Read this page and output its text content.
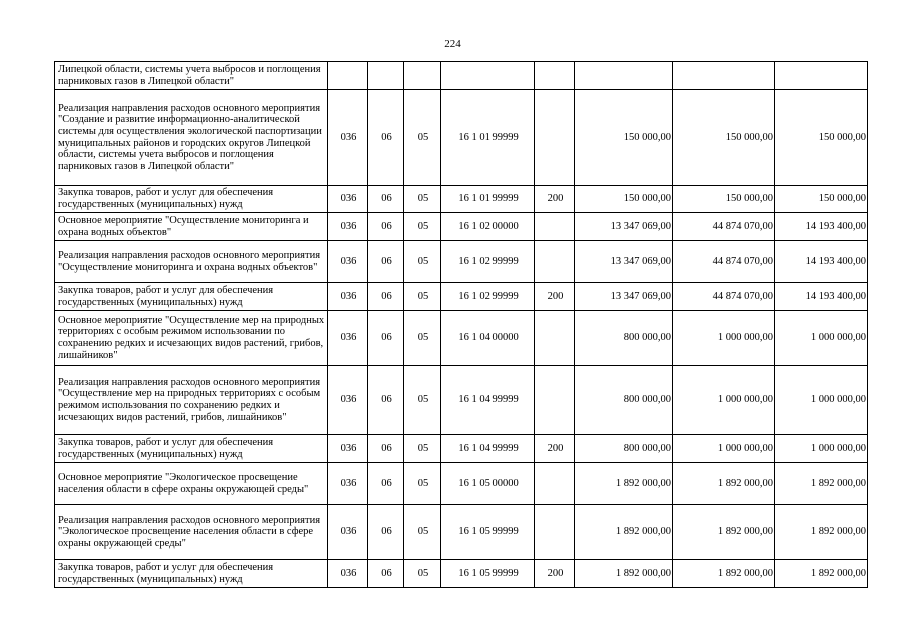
224
Липецкой области, системы учета выбросов и поглощения парниковых газов в Липецкой области"								
Реализация направления расходов основного мероприятия "Создание и развитие информационно-аналитической системы для осуществления экологической паспортизации муниципальных районов и городских округов Липецкой области, системы учета выбросов и поглощения парниковых газов в Липецкой области"	036	06	05	16 1 01 99999		150 000,00	150 000,00	150 000,00
Закупка товаров, работ и услуг для обеспечения государственных (муниципальных) нужд	036	06	05	16 1 01 99999	200	150 000,00	150 000,00	150 000,00
Основное мероприятие "Осуществление мониторинга и охрана водных объектов"	036	06	05	16 1 02 00000		13 347 069,00	44 874 070,00	14 193 400,00
Реализация направления расходов основного мероприятия "Осуществление мониторинга и охрана водных объектов"	036	06	05	16 1 02 99999		13 347 069,00	44 874 070,00	14 193 400,00
Закупка товаров, работ и услуг для обеспечения государственных (муниципальных) нужд	036	06	05	16 1 02 99999	200	13 347 069,00	44 874 070,00	14 193 400,00
Основное мероприятие "Осуществление мер на природных территориях с особым режимом использовании по сохранению редких и исчезающих видов растений, грибов, лишайников"	036	06	05	16 1 04 00000		800 000,00	1 000 000,00	1 000 000,00
Реализация направления расходов основного мероприятия "Осуществление мер на природных территориях с особым режимом использования по сохранению редких и исчезающих видов растений, грибов, лишайников"	036	06	05	16 1 04 99999		800 000,00	1 000 000,00	1 000 000,00
Закупка товаров, работ и услуг для обеспечения государственных (муниципальных) нужд	036	06	05	16 1 04 99999	200	800 000,00	1 000 000,00	1 000 000,00
Основное мероприятие "Экологическое просвещение населения области в сфере охраны окружающей среды"	036	06	05	16 1 05 00000		1 892 000,00	1 892 000,00	1 892 000,00
Реализация направления расходов основного мероприятия "Экологическое просвещение населения области в сфере охраны окружающей среды"	036	06	05	16 1 05 99999		1 892 000,00	1 892 000,00	1 892 000,00
Закупка товаров, работ и услуг для обеспечения государственных (муниципальных) нужд	036	06	05	16 1 05 99999	200	1 892 000,00	1 892 000,00	1 892 000,00
